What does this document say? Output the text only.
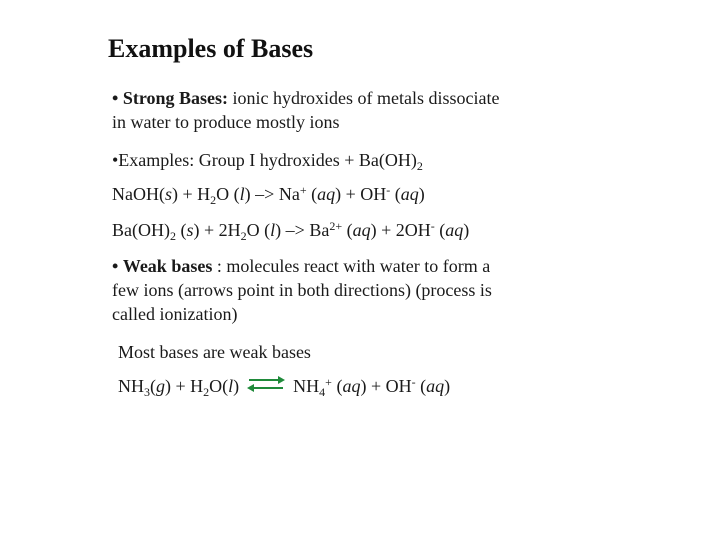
Examples of Bases
• Strong Bases: ionic hydroxides of metals dissociate
in water to produce mostly ions
•Examples: Group I hydroxides + $Ba(OH)_2$
NaOH(s) + $H_2O$ (l) –> Na+ (aq) + OH- (aq)
$Ba(OH)_2$ $(s) + 2H_2O$ $(l) -> Ba^{2+}$ (aq) + 2OH- (aq)
• Weak bases : molecules react with water to form a
few ions (arrows point in both directions) (process is
called ionization)
Most bases are weak bases
$NH_3(g) + H_2O(l)$ ⇌ $NH_4^+$ (aq) + OH- (aq)
